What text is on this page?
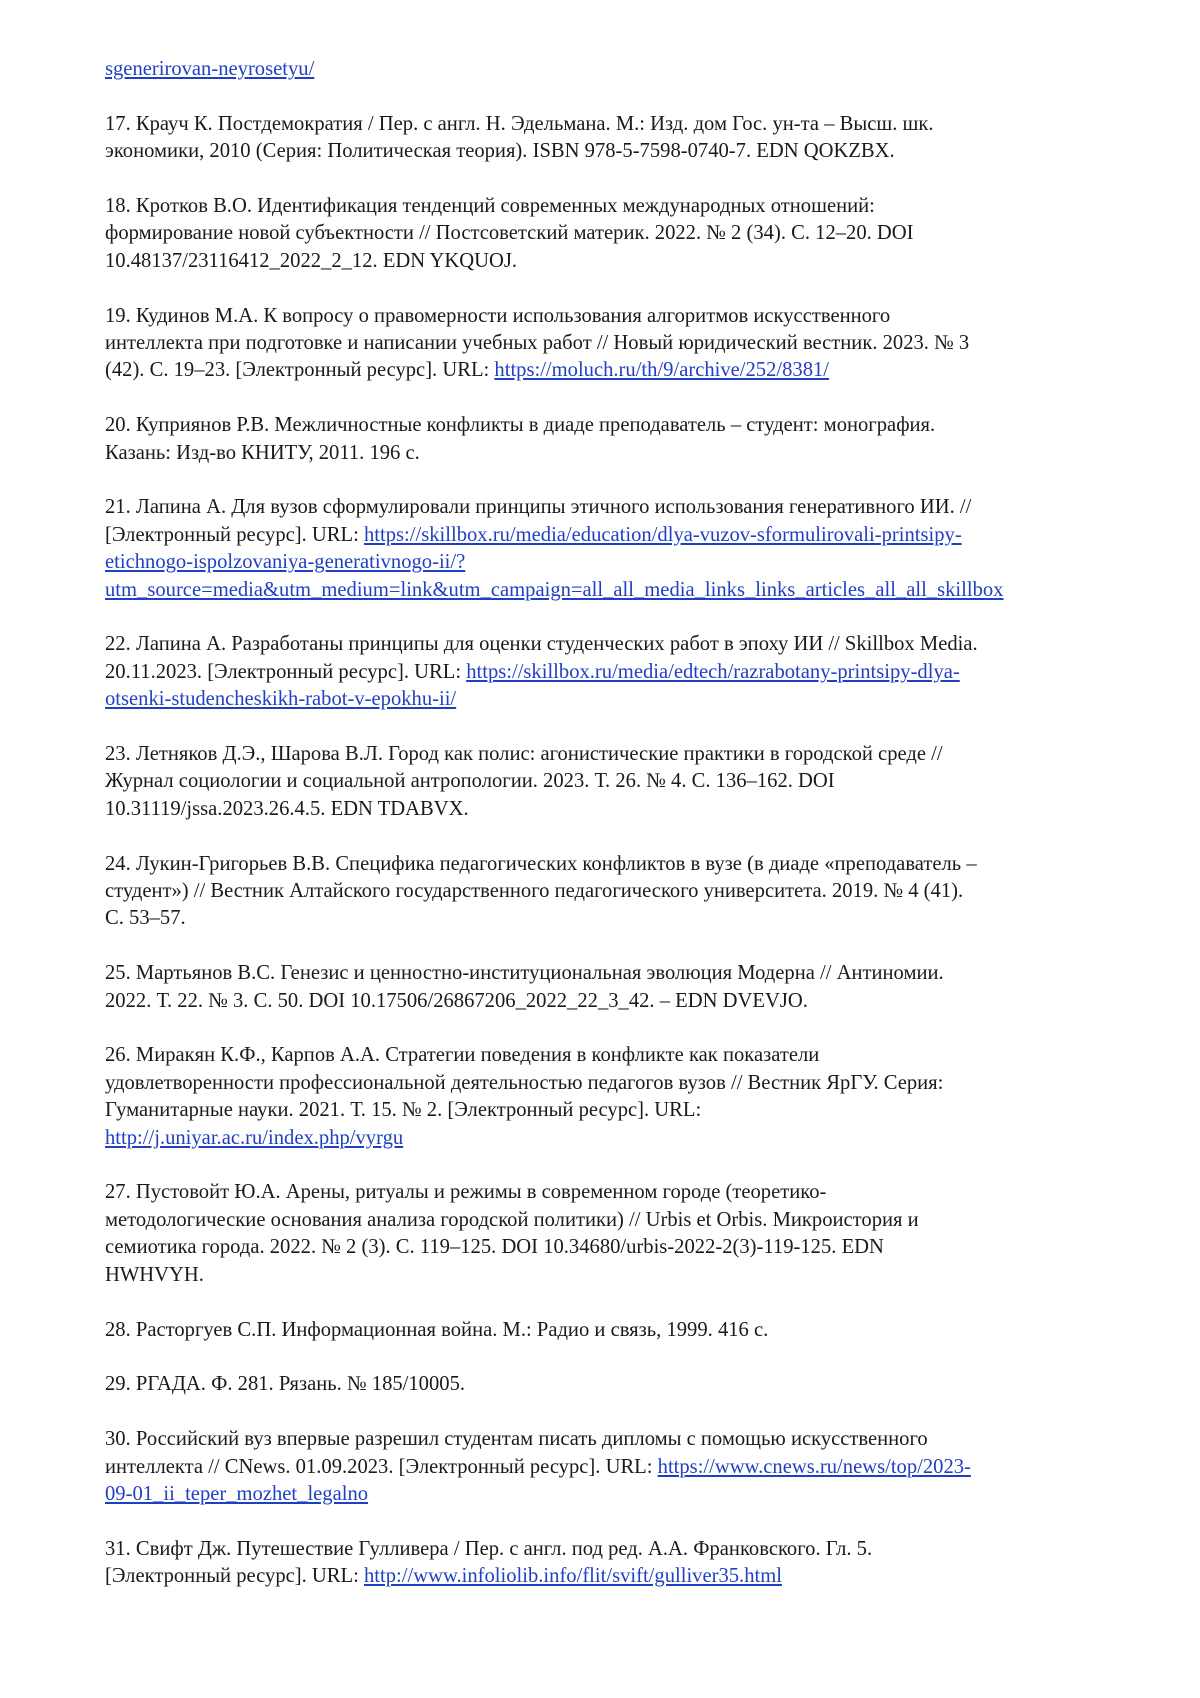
sgenerirovan-neyrosetyu/
17. Крауч К. Постдемократия / Пер. с англ. Н. Эдельмана. М.: Изд. дом Гос. ун-та – Высш. шк.
экономики, 2010 (Серия: Политическая теория). ISBN 978-5-7598-0740-7. EDN QOKZBX.
18. Кротков В.О. Идентификация тенденций современных международных отношений:
формирование новой субъектности // Постсоветский материк. 2022. № 2 (34). С. 12–20. DOI
10.48137/23116412_2022_2_12. EDN YKQUOJ.
19. Кудинов М.А. К вопросу о правомерности использования алгоритмов искусственного
интеллекта при подготовке и написании учебных работ // Новый юридический вестник. 2023. № 3
(42). С. 19–23. [Электронный ресурс]. URL: https://moluch.ru/th/9/archive/252/8381/
20. Куприянов Р.В. Межличностные конфликты в диаде преподаватель – студент: монография.
Казань: Изд-во КНИТУ, 2011. 196 с.
21. Лапина А. Для вузов сформулировали принципы этичного использования генеративного ИИ. //
[Электронный ресурс]. URL: https://skillbox.ru/media/education/dlya-vuzov-sformulirovali-printsipy-
etichnogo-ispolzovaniya-generativnogo-ii/?
utm_source=media&utm_medium=link&utm_campaign=all_all_media_links_links_articles_all_all_skillbox
22. Лапина А. Разработаны принципы для оценки студенческих работ в эпоху ИИ // Skillbox Media.
20.11.2023. [Электронный ресурс]. URL: https://skillbox.ru/media/edtech/razrabotany-printsipy-dlya-
otsenki-studencheskikh-rabot-v-epokhu-ii/
23. Летняков Д.Э., Шарова В.Л. Город как полис: агонистические практики в городской среде //
Журнал социологии и социальной антропологии. 2023. Т. 26. № 4. С. 136–162. DOI
10.31119/jssa.2023.26.4.5. EDN TDABVX.
24. Лукин-Григорьев В.В. Специфика педагогических конфликтов в вузе (в диаде «преподаватель –
студент») // Вестник Алтайского государственного педагогического университета. 2019. № 4 (41).
С. 53–57.
25. Мартьянов В.С. Генезис и ценностно-институциональная эволюция Модерна // Антиномии.
2022. Т. 22. № 3. С. 50. DOI 10.17506/26867206_2022_22_3_42. – EDN DVEVJO.
26. Миракян К.Ф., Карпов А.А. Стратегии поведения в конфликте как показатели
удовлетворенности профессиональной деятельностью педагогов вузов // Вестник ЯрГУ. Серия:
Гуманитарные науки. 2021. Т. 15. № 2. [Электронный ресурс]. URL:
http://j.uniyar.ac.ru/index.php/vyrgu
27. Пустовойт Ю.А. Арены, ритуалы и режимы в современном городе (теоретико-
методологические основания анализа городской политики) // Urbis et Orbis. Микроистория и
семиотика города. 2022. № 2 (3). С. 119–125. DOI 10.34680/urbis-2022-2(3)-119-125. EDN
HWHVYH.
28. Расторгуев С.П. Информационная война. М.: Радио и связь, 1999. 416 с.
29. РГАДА. Ф. 281. Рязань. № 185/10005.
30. Российский вуз впервые разрешил студентам писать дипломы с помощью искусственного
интеллекта // CNews. 01.09.2023. [Электронный ресурс]. URL: https://www.cnews.ru/news/top/2023-
09-01_ii_teper_mozhet_legalno
31. Свифт Дж. Путешествие Гулливера / Пер. с англ. под ред. А.А. Франковского. Гл. 5.
[Электронный ресурс]. URL: http://www.infoliolib.info/flit/svift/gulliver35.html
